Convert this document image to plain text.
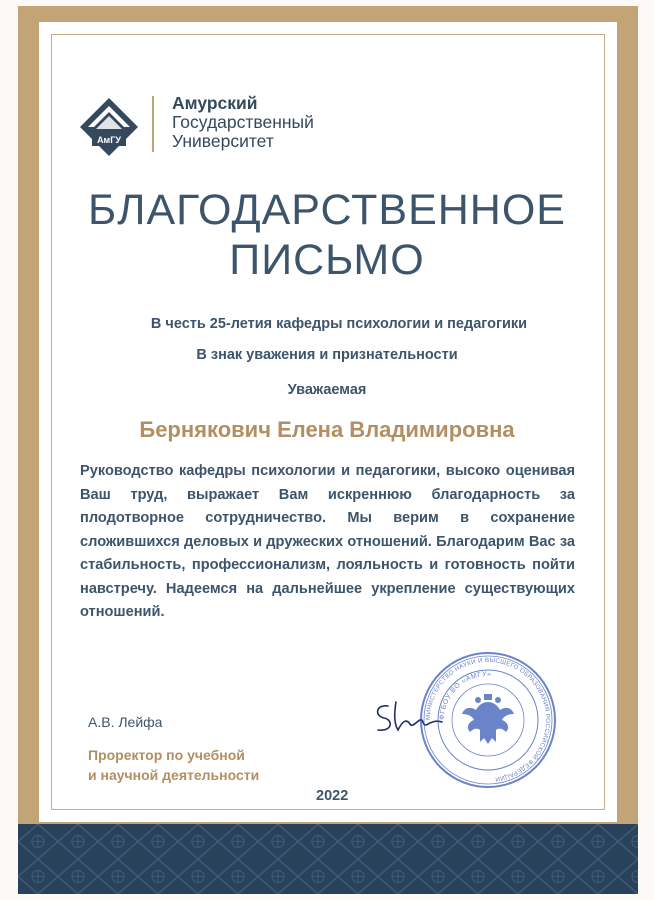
АмГУ
Амурский
Государственный
Университет
БЛАГОДАРСТВЕННОЕ
ПИСЬМО
В честь 25-летия кафедры психологии и педагогики
В знак уважения и признательности
Уважаемая
Бернякович Елена Владимировна
Руководство кафедры психологии и педагогики, высоко оценивая Ваш труд, выражает Вам искреннюю благодарность за плодотворное сотрудничество. Мы верим в сохранение сложившихся деловых и дружеских отношений. Благодарим Вас за стабильность, профессионализм, лояльность и готовность пойти навстречу. Надеемся на дальнейшее укрепление существующих отношений.
А.В. Лейфа
Проректор по учебной
и научной деятельности
2022
МИНИСТЕРСТВО НАУКИ И ВЫСШЕГО ОБРАЗОВАНИЯ РОССИЙСКОЙ ФЕДЕРАЦИИ
ФГБОУ ВО «АМГУ»
